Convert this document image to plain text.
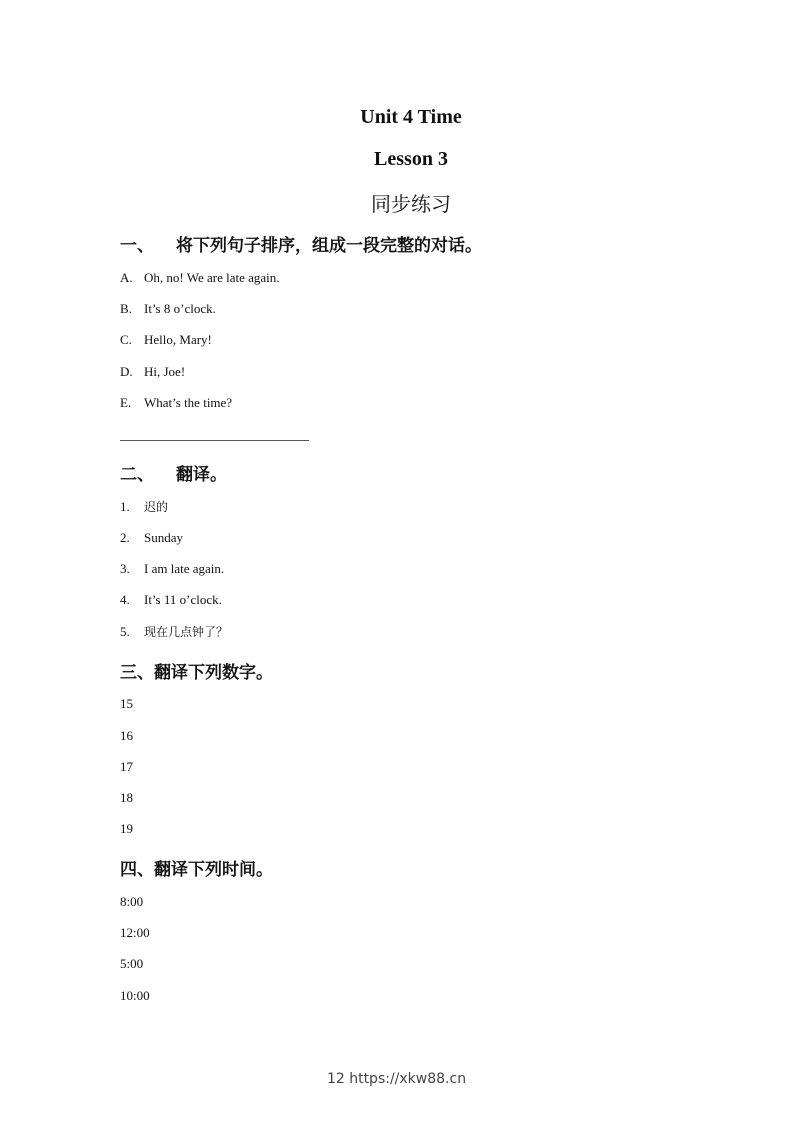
Unit 4 Time
Lesson 3
同步练习
一、 将下列句子排序，组成一段完整的对话。
A. Oh, no! We are late again.
B. It’s 8 o’clock.
C. Hello, Mary!
D. Hi, Joe!
E. What’s the time?
二、 翻译。
1. 迟的
2. Sunday
3. I am late again.
4. It’s 11 o’clock.
5. 现在几点钟了？
三、翻译下列数字。
15
16
17
18
19
四、翻译下列时间。
8:00
12:00
5:00
10:00
12 https://xkw88.cn
